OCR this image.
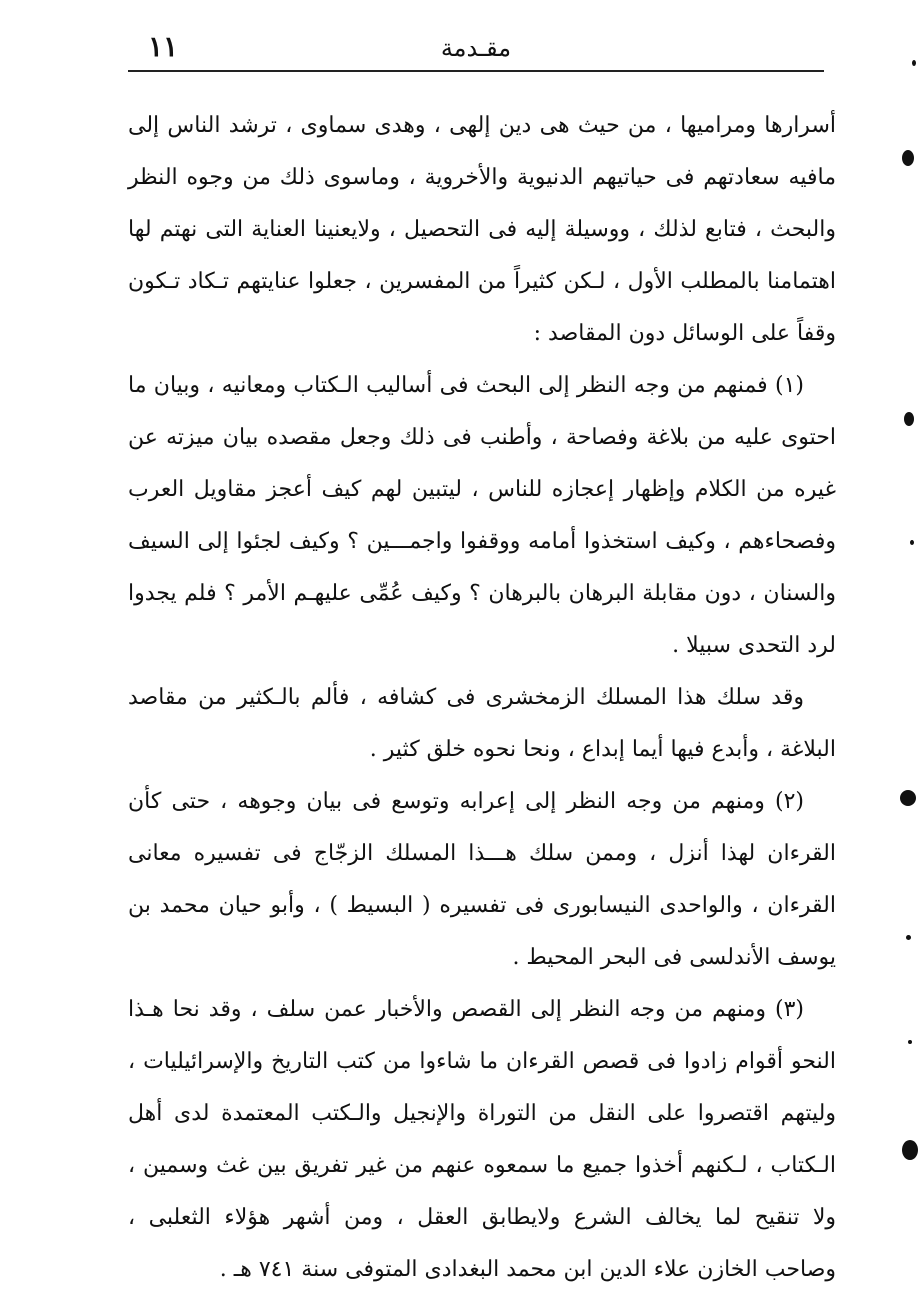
١١	مقـدمة

أسرارها ومراميها ، من حيث هى دين إلهى ، وهدى سماوى ، ترشد الناس إلى مافيه سعادتهم فى حياتيهم الدنيوية والأخروية ، وماسوى ذلك من وجوه النظر والبحث ، فتابع لذلك ، ووسيلة إليه فى التحصيل ، ولايعنينا العناية التى نهتم لها اهتمامنا بالمطلب الأول ، لـكن كثيراً من المفسرين ، جعلوا عنايتهم تـكاد تـكون وقفاً على الوسائل دون المقاصد :

(١) فمنهم من وجه النظر إلى البحث فى أساليب الـكتاب ومعانيه ، وبيان ما احتوى عليه من بلاغة وفصاحة ، وأطنب فى ذلك وجعل مقصده بيان ميزته عن غيره من الكلام وإظهار إعجازه للناس ، ليتبين لهم كيف أعجز مقاويل العرب وفصحاءهم ، وكيف استخذوا أمامه ووقفوا واجمـــين ؟ وكيف لجئوا إلى السيف والسنان ، دون مقابلة البرهان بالبرهان ؟ وكيف عُمِّى عليهـم الأمر ؟ فلم يجدوا لرد التحدى سبيلا .

وقد سلك هذا المسلك الزمخشرى فى كشافه ، فألم بالـكثير من مقاصد البلاغة ، وأبدع فيها أيما إبداع ، ونحا نحوه خلق كثير .

(٢) ومنهم من وجه النظر إلى إعرابه وتوسع فى بيان وجوهه ، حتى كأن القرءان لهذا أنزل ، وممن سلك هـــذا المسلك الزجّاج فى تفسيره معانى القرءان ، والواحدى النيسابورى فى تفسيره ( البسيط ) ، وأبو حيان محمد بن يوسف الأندلسى فى البحر المحيط .

(٣) ومنهم من وجه النظر إلى القصص والأخبار عمن سلف ، وقد نحا هـذا النحو أقوام زادوا فى قصص القرءان ما شاءوا من كتب التاريخ والإسرائيليات ، وليتهم اقتصروا على النقل من التوراة والإنجيل والـكتب المعتمدة لدى أهل الـكتاب ، لـكنهم أخذوا جميع ما سمعوه عنهم من غير تفريق بين غث وسمين ، ولا تنقيح لما يخالف الشرع ولايطابق العقل ، ومن أشهر هؤلاء الثعلبى ، وصاحب الخازن علاء الدين ابن محمد البغدادى المتوفى سنة ٧٤١ هـ .
